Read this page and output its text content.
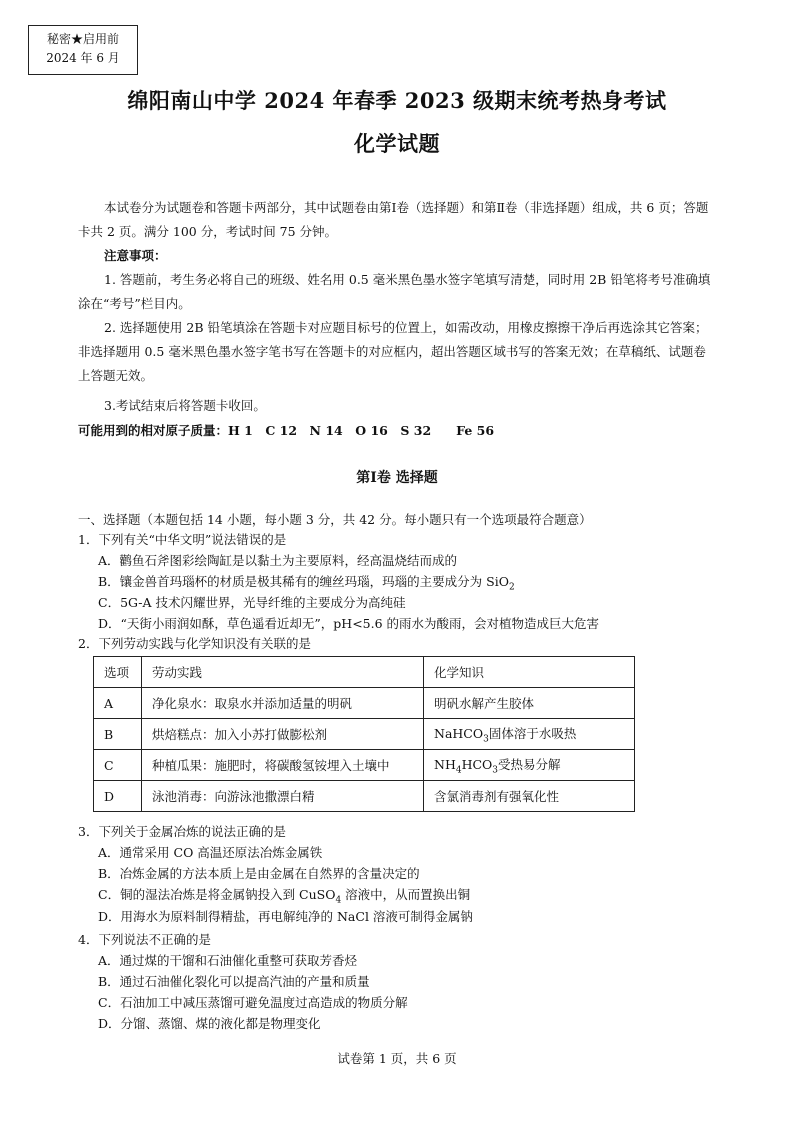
秘密★启用前
2024 年 6 月
绵阳南山中学 2024 年春季 2023 级期末统考热身考试
化学试题
本试卷分为试题卷和答题卡两部分，其中试题卷由第Ⅰ卷（选择题）和第Ⅱ卷（非选择题）组成，共 6 页；答题卡共 2 页。满分 100 分，考试时间 75 分钟。
注意事项：
1. 答题前，考生务必将自己的班级、姓名用 0.5 毫米黑色墨水签字笔填写清楚，同时用 2B 铅笔将考号准确填涂在“考号”栏目内。
2. 选择题使用 2B 铅笔填涂在答题卡对应题目标号的位置上，如需改动，用橡皮擦擦干净后再选涂其它答案；非选择题用 0.5 毫米黑色墨水签字笔书写在答题卡的对应框内，超出答题区域书写的答案无效；在草稿纸、试题卷上答题无效。
3.考试结束后将答题卡收回。
可能用到的相对原子质量：H 1　C 12　N 14　O 16　S 32　　Fe 56
第Ⅰ卷 选择题
一、选择题（本题包括 14 小题，每小题 3 分，共 42 分。每小题只有一个选项最符合题意）
1．下列有关“中华文明”说法错误的是
A．鹳鱼石斧图彩绘陶缸是以黏土为主要原料，经高温烧结而成的
B．镶金兽首玛瑙杯的材质是极其稀有的缠丝玛瑙，玛瑙的主要成分为 SiO$_2$
C．5G-A 技术闪耀世界，光导纤维的主要成分为高纯硅
D．“天街小雨润如酥，草色遥看近却无”，pH<5.6 的雨水为酸雨，会对植物造成巨大危害
2．下列劳动实践与化学知识没有关联的是
选项	劳动实践	化学知识
A	净化泉水：取泉水并添加适量的明矾	明矾水解产生胶体
B	烘焙糕点：加入小苏打做膨松剂	NaHCO$_3$固体溶于水吸热
C	种植瓜果：施肥时，将碳酸氢铵埋入土壤中	$NH_4HCO_3$受热易分解
D	泳池消毒：向游泳池撒漂白精	含氯消毒剂有强氧化性
3．下列关于金属冶炼的说法正确的是
A．通常采用 CO 高温还原法冶炼金属铁
B．冶炼金属的方法本质上是由金属在自然界的含量决定的
C．铜的湿法冶炼是将金属钠投入到 CuSO$_4$ 溶液中，从而置换出铜
D．用海水为原料制得精盐，再电解纯净的 NaCl 溶液可制得金属钠
4．下列说法不正确的是
A．通过煤的干馏和石油催化重整可获取芳香烃
B．通过石油催化裂化可以提高汽油的产量和质量
C．石油加工中减压蒸馏可避免温度过高造成的物质分解
D．分馏、蒸馏、煤的液化都是物理变化
试卷第 1 页，共 6 页
